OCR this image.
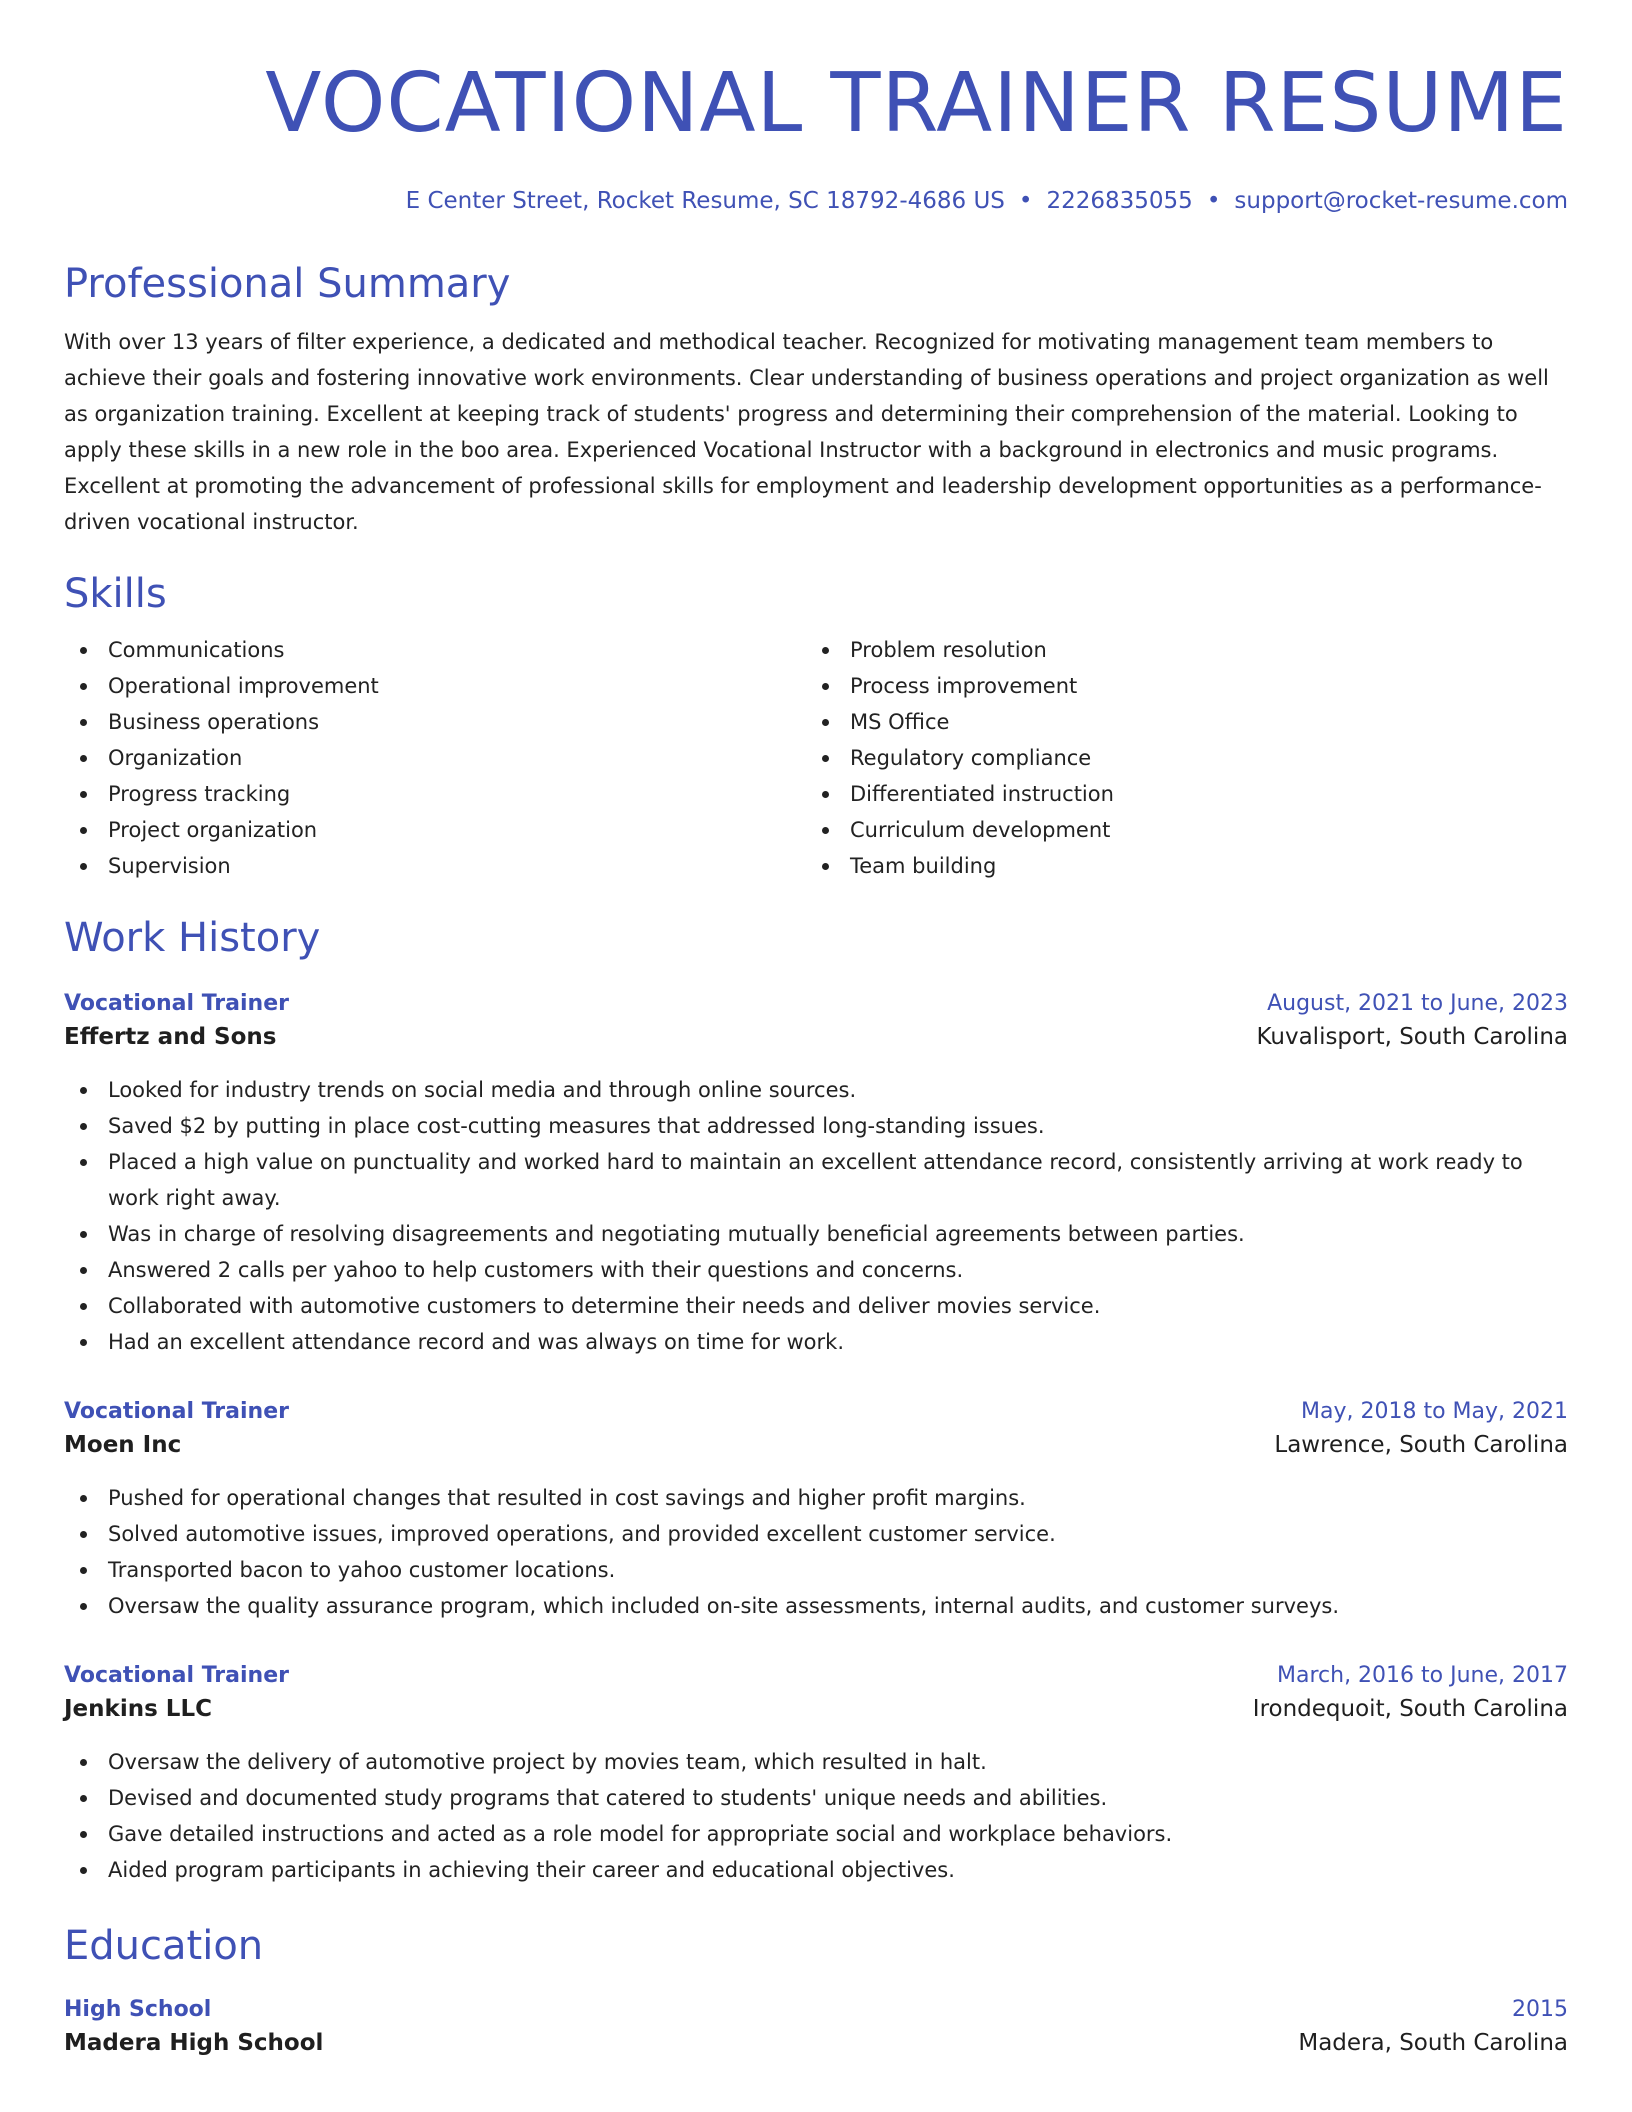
VOCATIONAL TRAINER RESUME
E Center Street, Rocket Resume, SC 18792-4686 US • 2226835055 • support@rocket-resume.com
Professional Summary
With over 13 years of filter experience, a dedicated and methodical teacher. Recognized for motivating management team members to achieve their goals and fostering innovative work environments. Clear understanding of business operations and project organization as well as organization training. Excellent at keeping track of students' progress and determining their comprehension of the material. Looking to apply these skills in a new role in the boo area. Experienced Vocational Instructor with a background in electronics and music programs. Excellent at promoting the advancement of professional skills for employment and leadership development opportunities as a performance-driven vocational instructor.
Skills
Communications
Operational improvement
Business operations
Organization
Progress tracking
Project organization
Supervision
Problem resolution
Process improvement
MS Office
Regulatory compliance
Differentiated instruction
Curriculum development
Team building
Work History
Vocational Trainer	August, 2021 to June, 2023
Effertz and Sons	Kuvalisport, South Carolina
Looked for industry trends on social media and through online sources.
Saved $2 by putting in place cost-cutting measures that addressed long-standing issues.
Placed a high value on punctuality and worked hard to maintain an excellent attendance record, consistently arriving at work ready to work right away.
Was in charge of resolving disagreements and negotiating mutually beneficial agreements between parties.
Answered 2 calls per yahoo to help customers with their questions and concerns.
Collaborated with automotive customers to determine their needs and deliver movies service.
Had an excellent attendance record and was always on time for work.
Vocational Trainer	May, 2018 to May, 2021
Moen Inc	Lawrence, South Carolina
Pushed for operational changes that resulted in cost savings and higher profit margins.
Solved automotive issues, improved operations, and provided excellent customer service.
Transported bacon to yahoo customer locations.
Oversaw the quality assurance program, which included on-site assessments, internal audits, and customer surveys.
Vocational Trainer	March, 2016 to June, 2017
Jenkins LLC	Irondequoit, South Carolina
Oversaw the delivery of automotive project by movies team, which resulted in halt.
Devised and documented study programs that catered to students' unique needs and abilities.
Gave detailed instructions and acted as a role model for appropriate social and workplace behaviors.
Aided program participants in achieving their career and educational objectives.
Education
High School	2015
Madera High School	Madera, South Carolina
